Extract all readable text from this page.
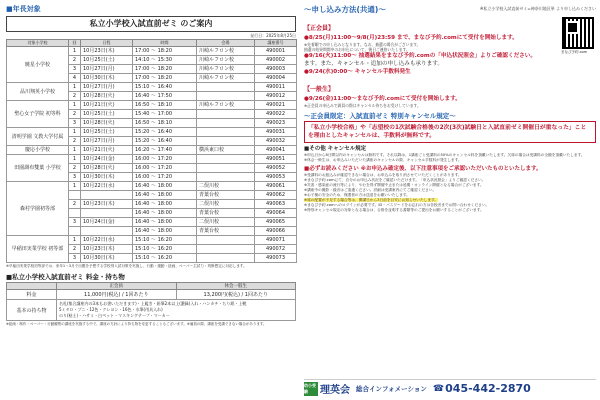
■年長対象
私立小学校入試直前ゼミ のご案内
発行日：2025年8月25日
対象小学校	回	日程	時間	会場	講座番号
暁星小学校	1	10月23日(木)	17:00 〜 18:20	川崎ルフロン校	490001
	2	10月25日(土)	14:10 〜 15:30	川崎ルフロン校	490002
	3	10月27日(月)	17:00 〜 18:20	川崎ルフロン校	490003
	4	10月30日(木)	17:00 〜 18:20	川崎ルフロン校	490004
品川翔英小学校	1	10月27日(月)	15:10 〜 16:40		490011
	2	10月28日(火)	16:40 〜 17:50		490012
聖心女子学院 初等科	1	10月21日(火)	16:50 〜 18:10	川崎ルフロン校	490021
	2	10月25日(土)	15:40 〜 17:00		490022
	3	10月28日(火)	16:50 〜 18:10		490023
清明学園 文教大学付属	1	10月25日(土)	15:20 〜 16:40		490031
	2	10月27日(月)	15:20 〜 16:40		490032
慶応小学校	1	10月21日(火)	16:20 〜 17:40	横浜東口校	490041
田園調布雙葉 小学校	1	10月24日(金)	16:00 〜 17:20		490051
	2	10月28日(火)	16:00 〜 17:20		490052
	3	10月30日(木)	16:00 〜 17:20		490053
森村学園初等部	1	10月22日(水)	16:40 〜 18:00	二俣川校	490061
			16:40 〜 18:00	青葉台校	490062
	2	10月23日(木)	16:40 〜 18:00	二俣川校	490063
			16:40 〜 18:00	青葉台校	490064
	3	10月24日(金)	16:40 〜 18:00	二俣川校	490065
			16:40 〜 18:00	青葉台校	490066
早稲田実業学校 初等部	1	10月22日(水)	15:10 〜 16:20		490071
	2	10月23日(木)	15:10 〜 16:20		490072
	3	10月30日(木)	15:10 〜 16:20		490073
※早稲田実業学校初等部では、来年1〜3月で出題を予想する学校別入試対策を実施し、行動・運動・絵画、ペーパー主試力・判断想定に対応します。
■私立小学校入試直前ゼミ 料金・持ち物
	正会員	休会一般生
料金	11,000円(税込) / 1回あたり	13,200円(税込) / 1回あたり
基本の持ち物	名札(集合講座内の3本もお書いただきます)・上履き・鉛筆2本以上(濃緑)入れ・ハンカチ・ちり紙・上靴
5ミタロ・ブニ・12色・クレヨン・16色・水筆(用具入れ)
のり(粘土)・ハサミ・白ペット・マスキングテープ・マーカー	
※絵画・制作・ペーパー・行動観察の講座を実施する中で、講座の方針により持ち物を変更することもございます。※満員の際、講座を受講できない場合があります。
〜申し込み方法(共通)〜	※私立小学校入試直前ゼミ=神奈川地区単 より申し込みください
【正会員】
●8/25(月)11:00〜9/8(月)23:59 まで、まなび予約.comにて受付を開始します。
※先着順での申し込みとなります。なお、抽選の場合がございます。
抽選の結果期間中のお申込について、後日ご連絡いたします。
●9/16(火)11:00〜 抽選結果をまなび予約.comの「申込状況照会」よりご確認ください。
ます。また、キャンセル・追加の申し込みも承ります。
●9/24(水)0:00〜 キャンセル手数料発生
【一般生】
●9/26(金)11:00〜まなび予約.comにて受付を開始します。
※正会員の申込みで満員の際はキャンセル待ちをお受けしています。
まなび予約.com
〜正会員限定：入試直前ゼミ 特別キャンセル規定〜
「私立小学校合格」や「志望校の1次試験合格後の2次(3次)試験日と入試直前ゼミ開催日が重なった」ことを理由としたキャンセルは、手数料が無料です。
■その他 キャンセル規定
※申込日から8日間以内のキャンセルは無料です。それ以降は、1講座ごと受講料の50%のキャンセル料を頂戴いたします。欠席の場合は受講料の全額を頂戴いたします。
※休会一般生は、お申込みいただいた講座のキャンセルの際、キャンセル手数料が発生します。
■必ずお読みください ※お申込み確定後、以下注意事項をご承認いただいたものといたします。
※受講料のお振込みが確認できない場合は、お申込みを取り消させていただくことがあります。
※まなび予約.comにて、自分のお申込み状況をご確認いただけます。「申込状況照会」よりご確認ください。
※災害・感染症の流行等により、やむを得ず開催中止または延期・オンライン開催となる場合がございます。
※講座中の撮影・録音はご遠慮ください。詳細は受講案内にてご確認ください。
※お子様の安全のため、保護者の方は送迎をお願いいたします。
※席の配置が不足する場合等は、開講日から3日前を目安にお知らせいたします。
※まなび予約.comへのログインが必要です。ID・パスワードをお忘れの方は各校舎までお問い合わせください。
※特別キャンセル規定の対象となる場合は、合格を証明する書類等のご提出をお願いすることがございます。
幼小受験	理英会 総合インフォメーション ☎ 045-442-2870
